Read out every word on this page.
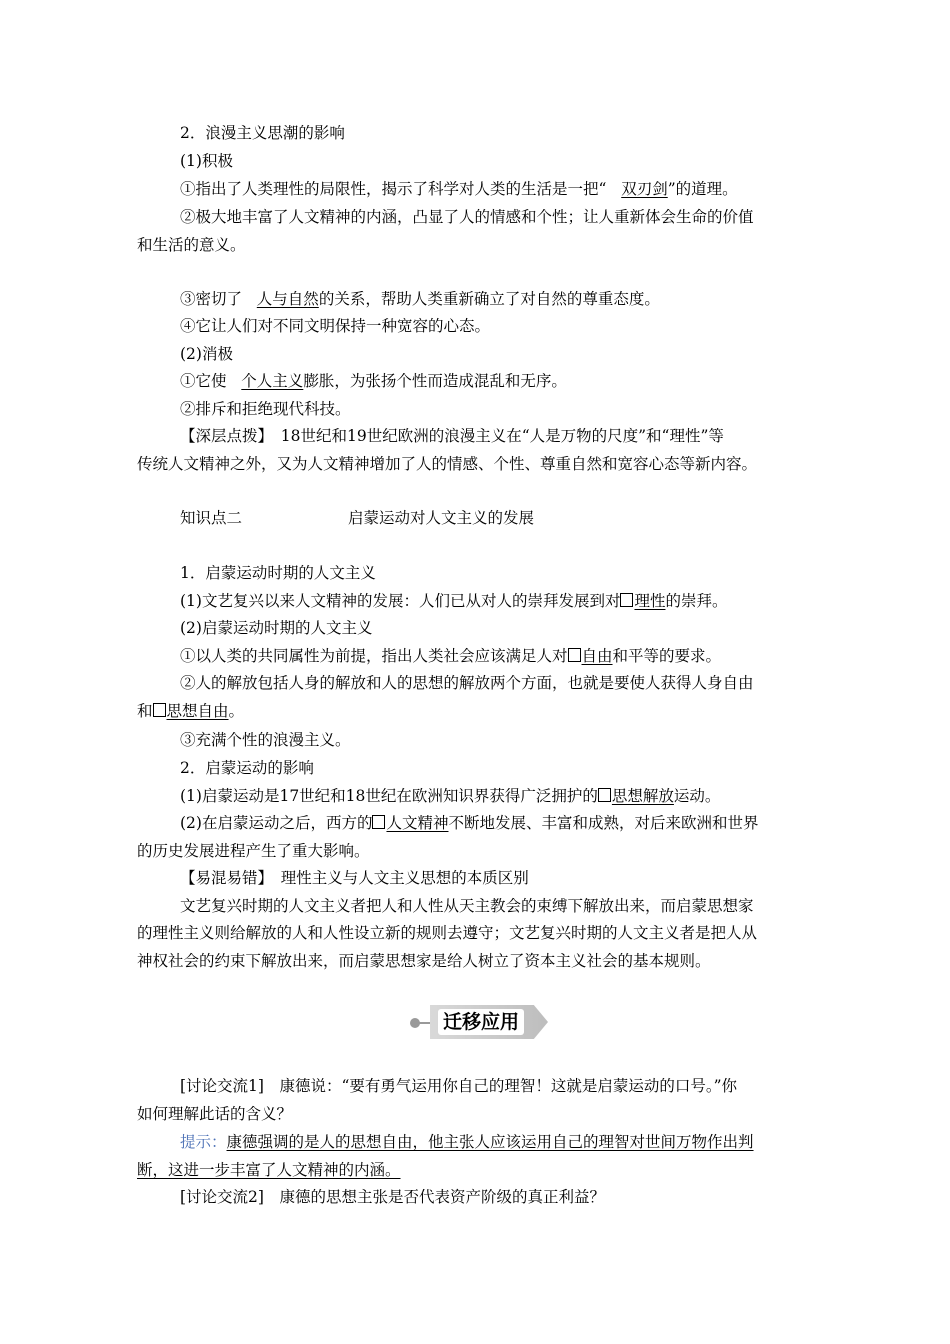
2．浪漫主义思潮的影响
(1)积极
①指出了人类理性的局限性，揭示了科学对人类的生活是一把“ 双刃剑”的道理。
②极大地丰富了人文精神的内涵，凸显了人的情感和个性；让人重新体会生命的价值
和生活的意义。
③密切了 人与自然的关系，帮助人类重新确立了对自然的尊重态度。
④它让人们对不同文明保持一种宽容的心态。
(2)消极
①它使 个人主义膨胀，为张扬个性而造成混乱和无序。
②排斥和拒绝现代科技。
【深层点拨】　18世纪和19世纪欧洲的浪漫主义在“人是万物的尺度”和“理性”等
传统人文精神之外，又为人文精神增加了人的情感、个性、尊重自然和宽容心态等新内容。
知识点二	启蒙运动对人文主义的发展
1．启蒙运动时期的人文主义
(1)文艺复兴以来人文精神的发展：人们已从对人的崇拜发展到对 理性的崇拜。
(2)启蒙运动时期的人文主义
①以人类的共同属性为前提，指出人类社会应该满足人对 自由和平等的要求。
②人的解放包括人身的解放和人的思想的解放两个方面，也就是要使人获得人身自由
和 思想自由。
③充满个性的浪漫主义。
2．启蒙运动的影响
(1)启蒙运动是17世纪和18世纪在欧洲知识界获得广泛拥护的 思想解放运动。
(2)在启蒙运动之后，西方的 人文精神不断地发展、丰富和成熟，对后来欧洲和世界
的历史发展进程产生了重大影响。
【易混易错】　理性主义与人文主义思想的本质区别
文艺复兴时期的人文主义者把人和人性从天主教会的束缚下解放出来，而启蒙思想家
的理性主义则给解放的人和人性设立新的规则去遵守；文艺复兴时期的人文主义者是把人从
神权社会的约束下解放出来，而启蒙思想家是给人树立了资本主义社会的基本规则。
迁移应用
[讨论交流1]　康德说：“要有勇气运用你自己的理智！这就是启蒙运动的口号。”你
如何理解此话的含义？
提示：康德强调的是人的思想自由，他主张人应该运用自己的理智对世间万物作出判
断，这进一步丰富了人文精神的内涵。
[讨论交流2]　康德的思想主张是否代表资产阶级的真正利益？
